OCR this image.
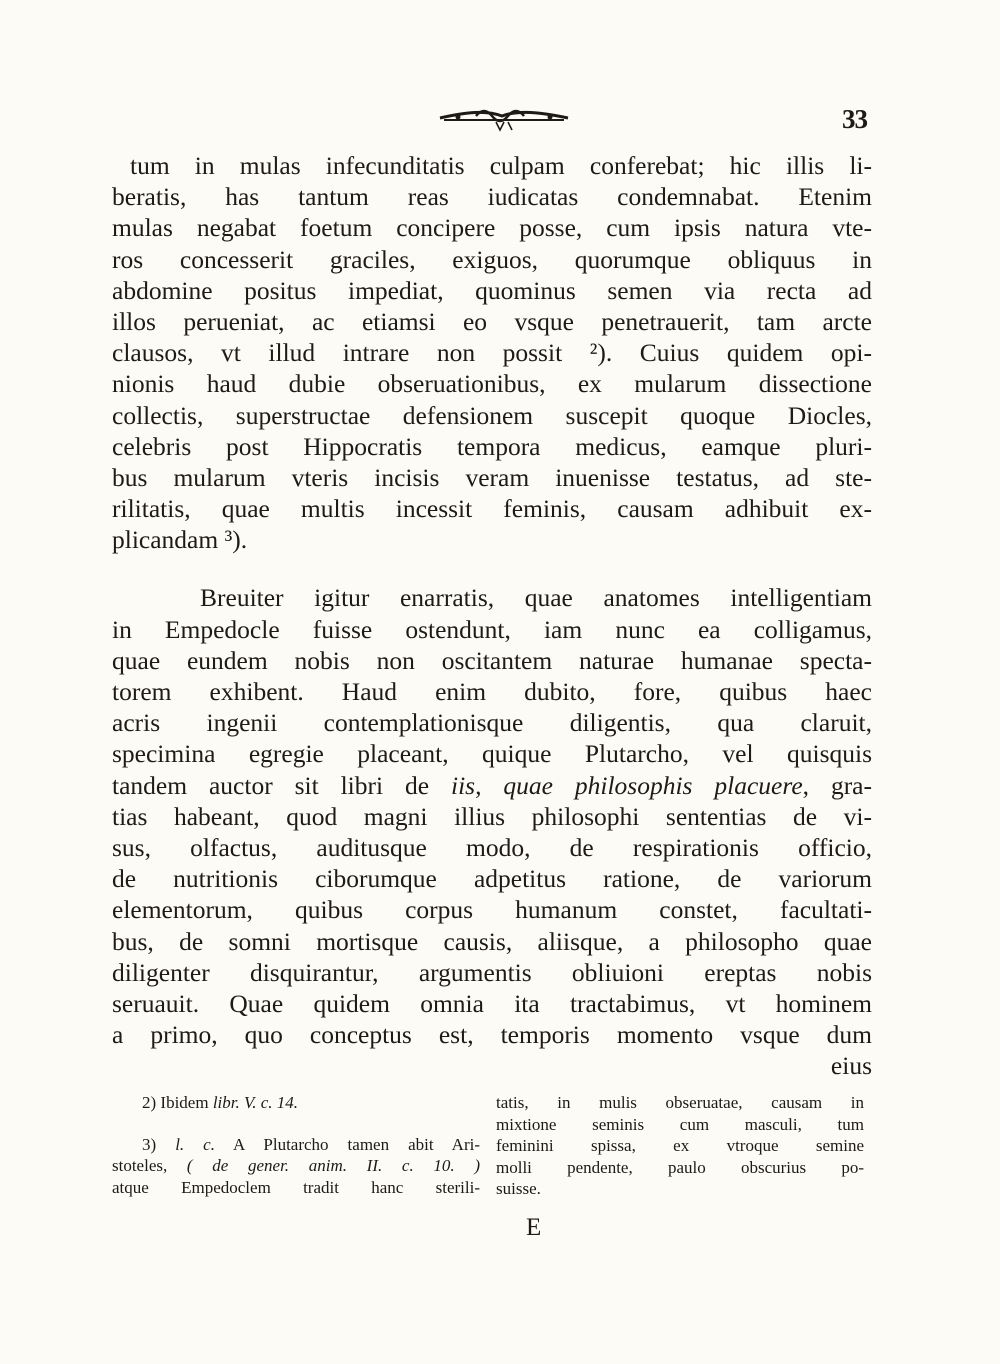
33
tum in mulas infecunditatis culpam conferebat; hic illis li-
beratis, has tantum reas iudicatas condemnabat. Etenim
mulas negabat foetum concipere posse, cum ipsis natura vte-
ros concesserit graciles, exiguos, quorumque obliquus in
abdomine positus impediat, quominus semen via recta ad
illos perueniat, ac etiamsi eo vsque penetrauerit, tam arcte
clausos, vt illud intrare non possit ²). Cuius quidem opi-
nionis haud dubie obseruationibus, ex mularum dissectione
collectis, superstructae defensionem suscepit quoque Diocles,
celebris post Hippocratis tempora medicus, eamque pluri-
bus mularum vteris incisis veram inuenisse testatus, ad ste-
rilitatis, quae multis incessit feminis, causam adhibuit ex-
plicandam ³).
Breuiter igitur enarratis, quae anatomes intelligentiam
in Empedocle fuisse ostendunt, iam nunc ea colligamus,
quae eundem nobis non oscitantem naturae humanae specta-
torem exhibent. Haud enim dubito, fore, quibus haec
acris ingenii contemplationisque diligentis, qua claruit,
specimina egregie placeant, quique Plutarcho, vel quisquis
tandem auctor sit libri de iis, quae philosophis placuere, gra-
tias habeant, quod magni illius philosophi sententias de vi-
sus, olfactus, auditusque modo, de respirationis officio,
de nutritionis ciborumque adpetitus ratione, de variorum
elementorum, quibus corpus humanum constet, facultati-
bus, de somni mortisque causis, aliisque, a philosopho quae
diligenter disquirantur, argumentis obliuioni ereptas nobis
seruauit. Quae quidem omnia ita tractabimus, vt hominem
a primo, quo conceptus est, temporis momento vsque dum
eius
2) Ibidem libr. V. c. 14.
3) l. c. A Plutarcho tamen abit Ari-
stoteles, ( de gener. anim. II. c. 10. )
atque Empedoclem tradit hanc sterili-
tatis, in mulis obseruatae, causam in
mixtione seminis cum masculi, tum
feminini spissa, ex vtroque semine
molli pendente, paulo obscurius po-
suisse.
E
